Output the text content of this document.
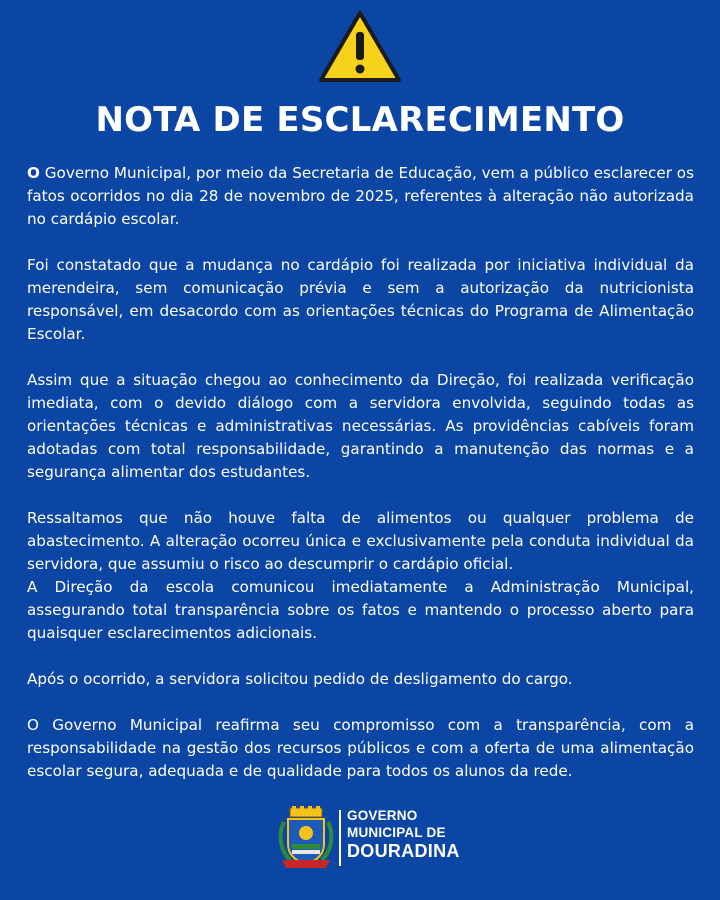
NOTA DE ESCLARECIMENTO

O Governo Municipal, por meio da Secretaria de Educação, vem a público esclarecer os fatos ocorridos no dia 28 de novembro de 2025, referentes à alteração não autorizada no cardápio escolar.

Foi constatado que a mudança no cardápio foi realizada por iniciativa individual da merendeira, sem comunicação prévia e sem a autorização da nutricionista responsável, em desacordo com as orientações técnicas do Programa de Alimentação Escolar.

Assim que a situação chegou ao conhecimento da Direção, foi realizada verificação imediata, com o devido diálogo com a servidora envolvida, seguindo todas as orientações técnicas e administrativas necessárias. As providências cabíveis foram adotadas com total responsabilidade, garantindo a manutenção das normas e a segurança alimentar dos estudantes.

Ressaltamos que não houve falta de alimentos ou qualquer problema de abastecimento. A alteração ocorreu única e exclusivamente pela conduta individual da servidora, que assumiu o risco ao descumprir o cardápio oficial.

A Direção da escola comunicou imediatamente a Administração Municipal, assegurando total transparência sobre os fatos e mantendo o processo aberto para quaisquer esclarecimentos adicionais.

Após o ocorrido, a servidora solicitou pedido de desligamento do cargo.

O Governo Municipal reafirma seu compromisso com a transparência, com a responsabilidade na gestão dos recursos públicos e com a oferta de uma alimentação escolar segura, adequada e de qualidade para todos os alunos da rede.

GOVERNO
MUNICIPAL DE
DOURADINA
